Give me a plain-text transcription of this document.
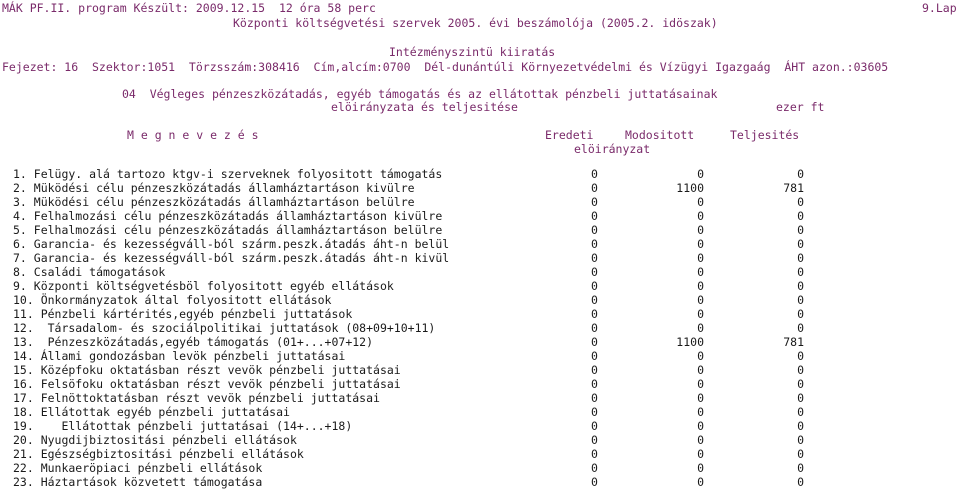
MÁK PF.II. program Készült: 2009.12.15  12 óra 58 perc	9.Lap
Központi költségvetési szervek 2005. évi beszámolója (2005.2. idöszak)
Intézményszintü kiiratás
Fejezet: 16  Szektor:1051  Törzsszám:308416  Cím,alcím:0700  Dél-dunántúli Környezetvédelmi és Vízügyi Igazgaág  ÁHT azon.:03605
04  Végleges pénzeszközátadás, egyéb támogatás és az ellátottak pénzbeli juttatásainak
elöirányzata és teljesitése	ezer ft
M e g n e v e z é s	Eredeti	Modositott	Teljesités
elöirányzat
1. Felügy. alá tartozo ktgv-i szerveknek folyositott támogatás	0	0	0
2. Müködési célu pénzeszközátadás államháztartáson kivülre	0	1100	781
3. Müködési célu pénzeszközátadás államháztartáson belülre	0	0	0
4. Felhalmozási célu pénzeszközátadás államháztartáson kivülre	0	0	0
5. Felhalmozási célu pénzeszközátadás államháztartáson belülre	0	0	0
6. Garancia- és kezességváll-ból szárm.peszk.átadás áht-n belül	0	0	0
7. Garancia- és kezességváll-ból szárm.peszk.átadás áht-n kivül	0	0	0
8. Családi támogatások	0	0	0
9. Központi költségvetésböl folyositott egyéb ellátások	0	0	0
10. Önkormányzatok által folyositott ellátások	0	0	0
11. Pénzbeli kártérités,egyéb pénzbeli juttatások	0	0	0
12.  Társadalom- és szociálpolitikai juttatások (08+09+10+11)	0	0	0
13.  Pénzeszközátadás,egyéb támogatás (01+...+07+12)	0	1100	781
14. Állami gondozásban levök pénzbeli juttatásai	0	0	0
15. Középfoku oktatásban részt vevök pénzbeli juttatásai	0	0	0
16. Felsöfoku oktatásban részt vevök pénzbeli juttatásai	0	0	0
17. Felnöttoktatásban részt vevök pénzbeli juttatásai	0	0	0
18. Ellátottak egyéb pénzbeli juttatásai	0	0	0
19.    Ellátottak pénzbeli juttatásai (14+...+18)	0	0	0
20. Nyugdijbiztositási pénzbeli ellátások	0	0	0
21. Egészségbiztositási pénzbeli ellátások	0	0	0
22. Munkaeröpiaci pénzbeli ellátások	0	0	0
23. Háztartások közvetett támogatása	0	0	0
